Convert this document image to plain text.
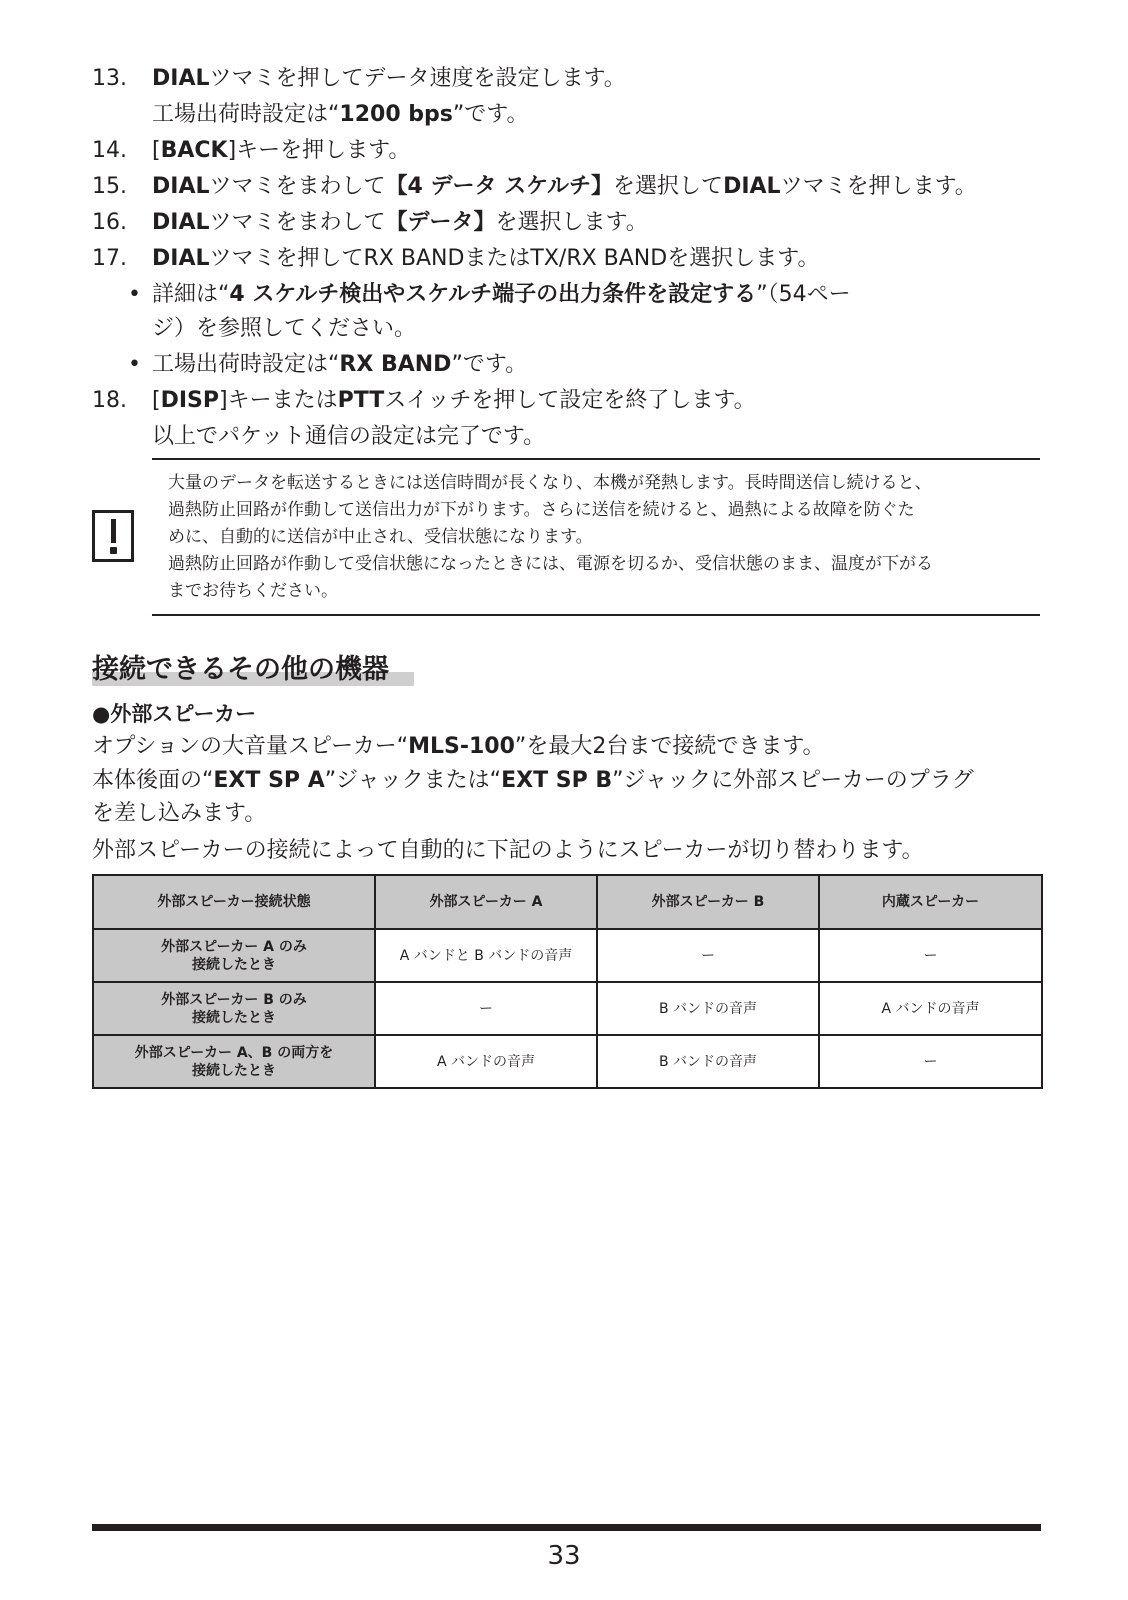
13. DIALツマミを押してデータ速度を設定します。
工場出荷時設定は“1200 bps”です。
14. [BACK]キーを押します。
15. DIALツマミをまわして【4 データ スケルチ】を選択してDIALツマミを押します。
16. DIALツマミをまわして【データ】を選択します。
17. DIALツマミを押してRX BANDまたはTX/RX BANDを選択します。
• 詳細は“4 スケルチ検出やスケルチ端子の出力条件を設定する”（54ペー
ジ）を参照してください。
• 工場出荷時設定は“RX BAND”です。
18. [DISP]キーまたはPTTスイッチを押して設定を終了します。
以上でパケット通信の設定は完了です。
大量のデータを転送するときには送信時間が長くなり、本機が発熱します。長時間送信し続けると、
過熱防止回路が作動して送信出力が下がります。さらに送信を続けると、過熱による故障を防ぐた
めに、自動的に送信が中止され、受信状態になります。
過熱防止回路が作動して受信状態になったときには、電源を切るか、受信状態のまま、温度が下がる
までお待ちください。
接続できるその他の機器
●外部スピーカー
オプションの大音量スピーカー“MLS-100”を最大2台まで接続できます。
本体後面の“EXT SP A”ジャックまたは“EXT SP B”ジャックに外部スピーカーのプラグ
を差し込みます。
外部スピーカーの接続によって自動的に下記のようにスピーカーが切り替わります。
外部スピーカー接続状態	外部スピーカー A	外部スピーカー B	内蔵スピーカー
外部スピーカー A のみ
接続したとき	A バンドと B バンドの音声	ー	ー
外部スピーカー B のみ
接続したとき	ー	B バンドの音声	A バンドの音声
外部スピーカー A、B の両方を
接続したとき	A バンドの音声	B バンドの音声	ー
33
